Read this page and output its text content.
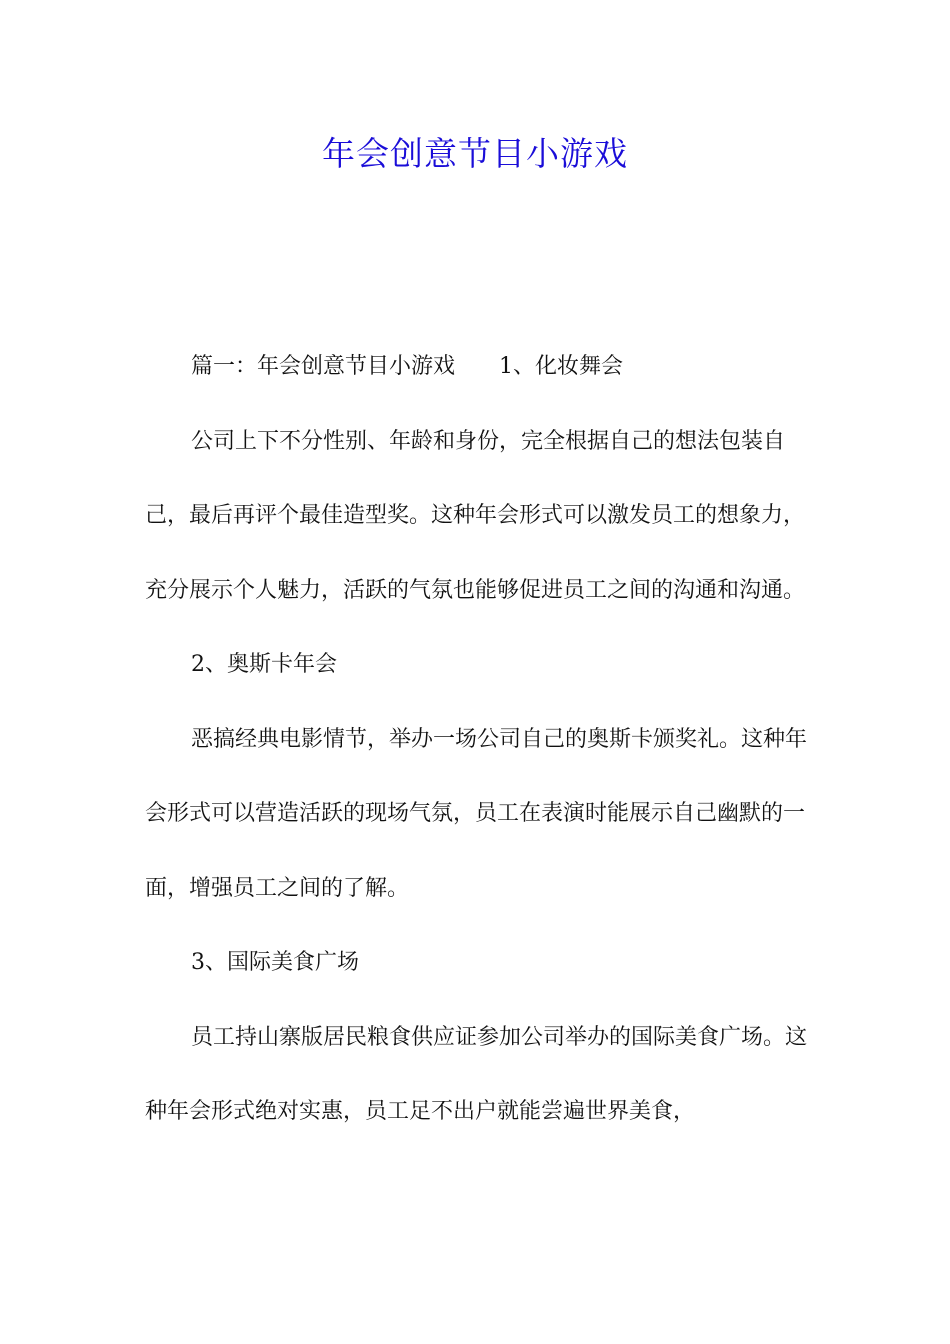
年会创意节目小游戏

篇一：年会创意节目小游戏 1、化妆舞会

公司上下不分性别、年龄和身份，完全根据自己的想法包装自己，最后再评个最佳造型奖。这种年会形式可以激发员工的想象力，充分展示个人魅力，活跃的气氛也能够促进员工之间的沟通和沟通。

2、奥斯卡年会

恶搞经典电影情节，举办一场公司自己的奥斯卡颁奖礼。这种年会形式可以营造活跃的现场气氛，员工在表演时能展示自己幽默的一面，增强员工之间的了解。

3、国际美食广场

员工持山寨版居民粮食供应证参加公司举办的国际美食广场。这种年会形式绝对实惠，员工足不出户就能尝遍世界美食，
